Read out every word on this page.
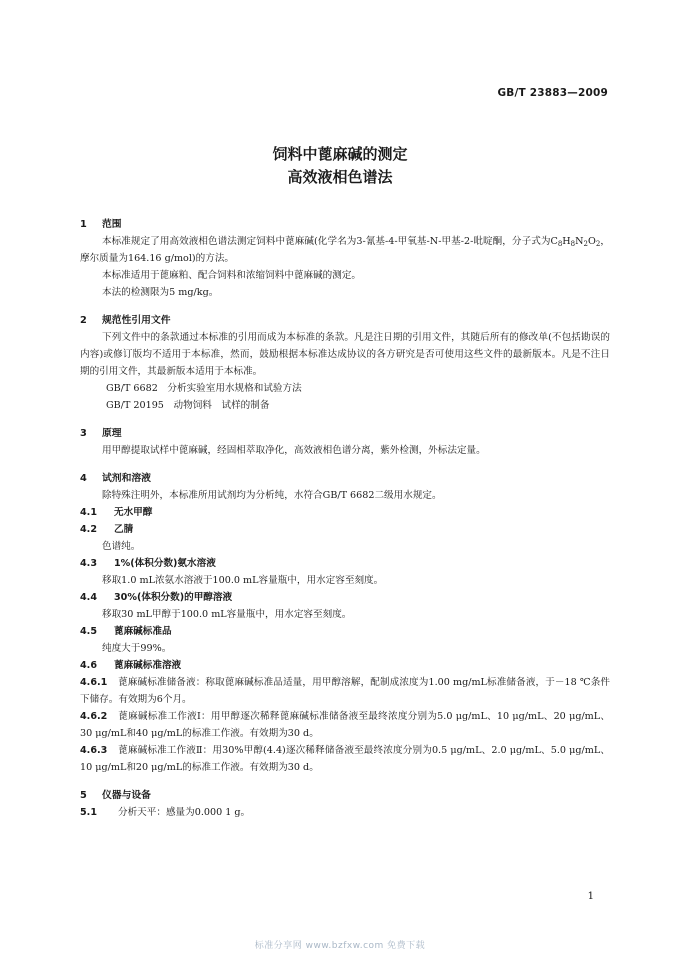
GB/T 23883—2009
饲料中蓖麻碱的测定
高效液相色谱法
1 范围
本标准规定了用高效液相色谱法测定饲料中蓖麻碱(化学名为3-氰基-4-甲氧基-N-甲基-2-吡啶酮，分子式为$C_8H_8N_2O_2$，摩尔质量为164.16 g/mol)的方法。
本标准适用于蓖麻粕、配合饲料和浓缩饲料中蓖麻碱的测定。
本法的检测限为5 mg/kg。
2 规范性引用文件
下列文件中的条款通过本标准的引用而成为本标准的条款。凡是注日期的引用文件，其随后所有的修改单(不包括勘误的内容)或修订版均不适用于本标准，然而，鼓励根据本标准达成协议的各方研究是否可使用这些文件的最新版本。凡是不注日期的引用文件，其最新版本适用于本标准。
GB/T 6682　分析实验室用水规格和试验方法
GB/T 20195　动物饲料　试样的制备
3 原理
用甲醇提取试样中蓖麻碱，经固相萃取净化，高效液相色谱分离，紫外检测，外标法定量。
4 试剂和溶液
除特殊注明外，本标准所用试剂均为分析纯，水符合GB/T 6682二级用水规定。
4.1 无水甲醇
4.2 乙腈
色谱纯。
4.3 1%(体积分数)氨水溶液
移取1.0 mL浓氨水溶液于100.0 mL容量瓶中，用水定容至刻度。
4.4 30%(体积分数)的甲醇溶液
移取30 mL甲醇于100.0 mL容量瓶中，用水定容至刻度。
4.5 蓖麻碱标准品
纯度大于99%。
4.6 蓖麻碱标准溶液
4.6.1 蓖麻碱标准储备液：称取蓖麻碱标准品适量，用甲醇溶解，配制成浓度为1.00 mg/mL标准储备液，于－18 ℃条件下储存。有效期为6个月。
4.6.2 蓖麻碱标准工作液Ⅰ：用甲醇逐次稀释蓖麻碱标准储备液至最终浓度分别为5.0 μg/mL、10 μg/mL、20 μg/mL、30 μg/mL和40 μg/mL的标准工作液。有效期为30 d。
4.6.3 蓖麻碱标准工作液Ⅱ：用30%甲醇(4.4)逐次稀释储备液至最终浓度分别为0.5 μg/mL、2.0 μg/mL、5.0 μg/mL、10 μg/mL和20 μg/mL的标准工作液。有效期为30 d。
5 仪器与设备
5.1 分析天平：感量为0.000 1 g。
1
标准分享网 www.bzfxw.com 免费下载
